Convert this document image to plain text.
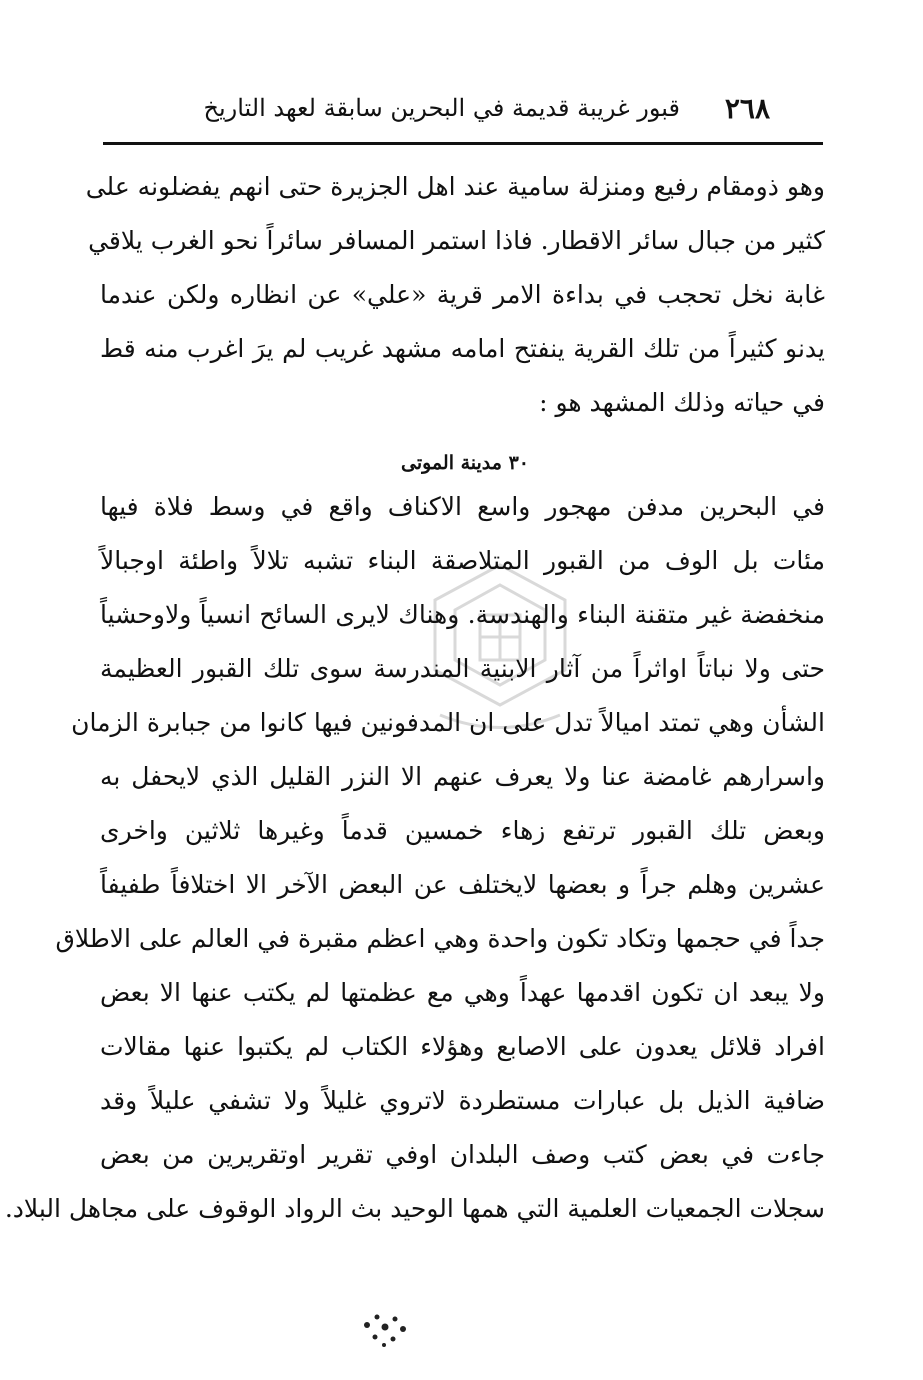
٢٦٨
قبور غريبة قديمة في البحرين سابقة لعهد التاريخ
وهو ذومقام رفيع ومنزلة سامية عند اهل الجزيرة حتى انهم يفضلونه على
كثير من جبال سائر الاقطار. فاذا استمر المسافر سائراً نحو الغرب يلاقي
غابة نخل تحجب في بداءة الامر قرية «علي» عن انظاره ولكن عندما
يدنو كثيراً من تلك القرية ينفتح امامه مشهد غريب لم يرَ اغرب منه قط
في حياته وذلك المشهد هو :
٣٠ مدينة الموتى
في البحرين مدفن مهجور واسع الاكناف واقع في وسط فلاة فيها
مئات بل الوف من القبور المتلاصقة البناء تشبه تلالاً واطئة اوجبالاً
منخفضة غير متقنة البناء والهندسة. وهناك لايرى السائح انسياً ولاوحشياً
حتى ولا نباتاً اواثراً من آثار الابنية المندرسة سوى تلك القبور العظيمة
الشأن وهي تمتد اميالاً تدل على ان المدفونين فيها كانوا من جبابرة الزمان
واسرارهم غامضة عنا ولا يعرف عنهم الا النزر القليل الذي لايحفل به
وبعض تلك القبور ترتفع زهاء خمسين قدماً وغيرها ثلاثين واخرى
عشرين وهلم جراً و بعضها لايختلف عن البعض الآخر الا اختلافاً طفيفاً
جداً في حجمها وتكاد تكون واحدة وهي اعظم مقبرة في العالم على الاطلاق
ولا يبعد ان تكون اقدمها عهداً وهي مع عظمتها لم يكتب عنها الا بعض
افراد قلائل يعدون على الاصابع وهؤلاء الكتاب لم يكتبوا عنها مقالات
ضافية الذيل بل عبارات مستطردة لاتروي غليلاً ولا تشفي عليلاً وقد
جاءت في بعض كتب وصف البلدان اوفي تقرير اوتقريرين من بعض
سجلات الجمعيات العلمية التي همها الوحيد بث الرواد الوقوف على مجاهل البلاد.
